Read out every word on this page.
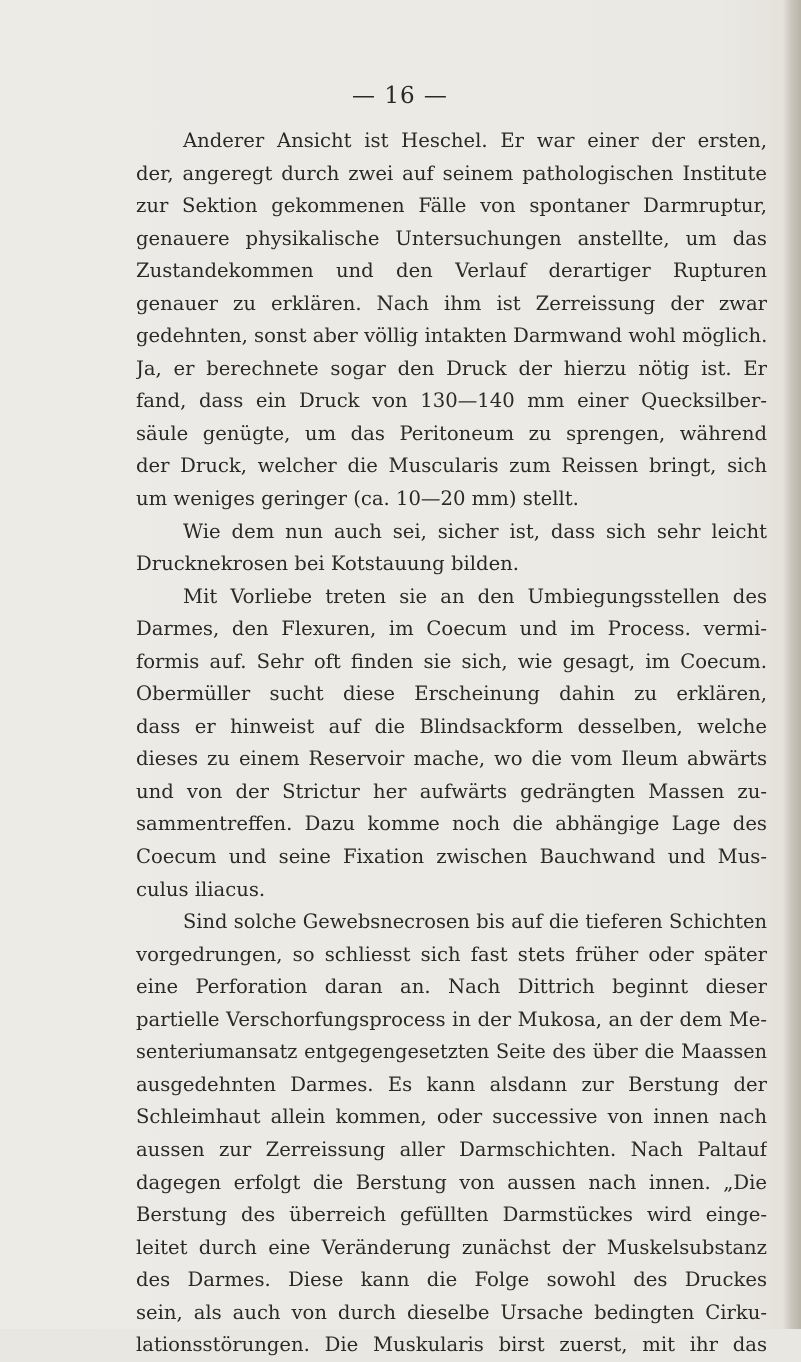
— 16 —
Anderer Ansicht ist Heschel. Er war einer der ersten,
der, angeregt durch zwei auf seinem pathologischen Institute
zur Sektion gekommenen Fälle von spontaner Darmruptur,
genauere physikalische Untersuchungen anstellte, um das
Zustandekommen und den Verlauf derartiger Rupturen
genauer zu erklären. Nach ihm ist Zerreissung der zwar
gedehnten, sonst aber völlig intakten Darmwand wohl möglich.
Ja, er berechnete sogar den Druck der hierzu nötig ist. Er
fand, dass ein Druck von 130—140 mm einer Quecksilber-
säule genügte, um das Peritoneum zu sprengen, während
der Druck, welcher die Muscularis zum Reissen bringt, sich
um weniges geringer (ca. 10—20 mm) stellt.
Wie dem nun auch sei, sicher ist, dass sich sehr leicht
Drucknekrosen bei Kotstauung bilden.
Mit Vorliebe treten sie an den Umbiegungsstellen des
Darmes, den Flexuren, im Coecum und im Process. vermi-
formis auf. Sehr oft finden sie sich, wie gesagt, im Coecum.
Obermüller sucht diese Erscheinung dahin zu erklären,
dass er hinweist auf die Blindsackform desselben, welche
dieses zu einem Reservoir mache, wo die vom Ileum abwärts
und von der Strictur her aufwärts gedrängten Massen zu-
sammentreffen. Dazu komme noch die abhängige Lage des
Coecum und seine Fixation zwischen Bauchwand und Mus-
culus iliacus.
Sind solche Gewebsnecrosen bis auf die tieferen Schichten
vorgedrungen, so schliesst sich fast stets früher oder später
eine Perforation daran an. Nach Dittrich beginnt dieser
partielle Verschorfungsprocess in der Mukosa, an der dem Me-
senteriumansatz entgegengesetzten Seite des über die Maassen
ausgedehnten Darmes. Es kann alsdann zur Berstung der
Schleimhaut allein kommen, oder successive von innen nach
aussen zur Zerreissung aller Darmschichten. Nach Paltauf
dagegen erfolgt die Berstung von aussen nach innen. „Die
Berstung des überreich gefüllten Darmstückes wird einge-
leitet durch eine Veränderung zunächst der Muskelsubstanz
des Darmes. Diese kann die Folge sowohl des Druckes
sein, als auch von durch dieselbe Ursache bedingten Cirku-
lationsstörungen. Die Muskularis birst zuerst, mit ihr das
